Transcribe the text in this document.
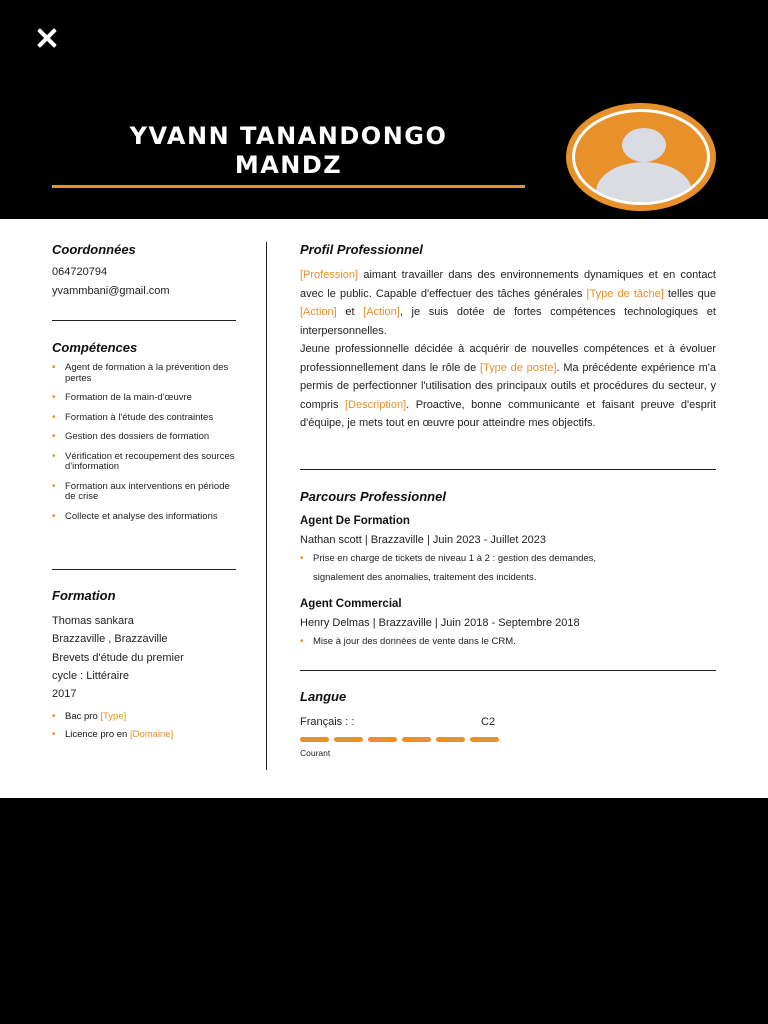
YVANN TANANDONGO
MANDZ
Coordonnées
064720794
yvammbani@gmail.com
Compétences
• Agent de formation à la prévention des pertes
• Formation de la main-d'œuvre
• Formation à l'étude des contraintes
• Gestion des dossiers de formation
• Vérification et recoupement des sources d'information
• Formation aux interventions en période de crise
• Collecte et analyse des informations
Formation
Thomas sankara
Brazzaville , Brazzaville
Brevets d'étude du premier
cycle : Littéraire
2017
• Bac pro [Type]
• Licence pro en [Domaine]
Profil Professionnel
[Profession] aimant travailler dans des environnements dynamiques et en contact avec le public. Capable d'effectuer des tâches générales [Type de tâche] telles que [Action] et [Action], je suis dotée de fortes compétences technologiques et interpersonnelles.
Jeune professionnelle décidée à acquérir de nouvelles compétences et à évoluer professionnellement dans le rôle de [Type de poste]. Ma précédente expérience m'a permis de perfectionner l'utilisation des principaux outils et procédures du secteur, y compris [Description]. Proactive, bonne communicante et faisant preuve d'esprit d'équipe, je mets tout en œuvre pour atteindre mes objectifs.
Parcours Professionnel
Agent De Formation
Nathan scott | Brazzaville | Juin 2023 - Juillet 2023
• Prise en charge de tickets de niveau 1 à 2 : gestion des demandes,
signalement des anomalies, traitement des incidents.
Agent Commercial
Henry Delmas | Brazzaville | Juin 2018 - Septembre 2018
• Mise à jour des données de vente dans le CRM.
Langue
Français : :	C2
Courant
